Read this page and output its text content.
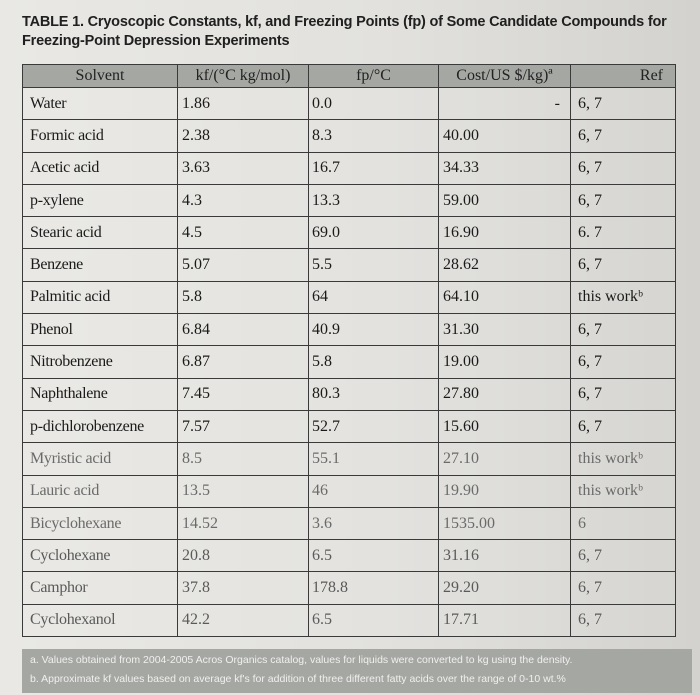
TABLE 1. Cryoscopic Constants, kf, and Freezing Points (fp) of Some Candidate Compounds for Freezing-Point Depression Experiments
Solvent	kf/(°C kg/mol)	fp/°C	Cost/US $/kg)ª	Ref
Water	1.86	0.0	-	6, 7
Formic acid	2.38	8.3	40.00	6, 7
Acetic acid	3.63	16.7	34.33	6, 7
p-xylene	4.3	13.3	59.00	6, 7
Stearic acid	4.5	69.0	16.90	6. 7
Benzene	5.07	5.5	28.62	6, 7
Palmitic acid	5.8	64	64.10	this workᵇ
Phenol	6.84	40.9	31.30	6, 7
Nitrobenzene	6.87	5.8	19.00	6, 7
Naphthalene	7.45	80.3	27.80	6, 7
p-dichlorobenzene	7.57	52.7	15.60	6, 7
Myristic acid	8.5	55.1	27.10	this workᵇ
Lauric acid	13.5	46	19.90	this workᵇ
Bicyclohexane	14.52	3.6	1535.00	6
Cyclohexane	20.8	6.5	31.16	6, 7
Camphor	37.8	178.8	29.20	6, 7
Cyclohexanol	42.2	6.5	17.71	6, 7
a. Values obtained from 2004-2005 Acros Organics catalog, values for liquids were converted to kg using the density.
b. Approximate kf values based on average kf's for addition of three different fatty acids over the range of 0-10 wt.%
